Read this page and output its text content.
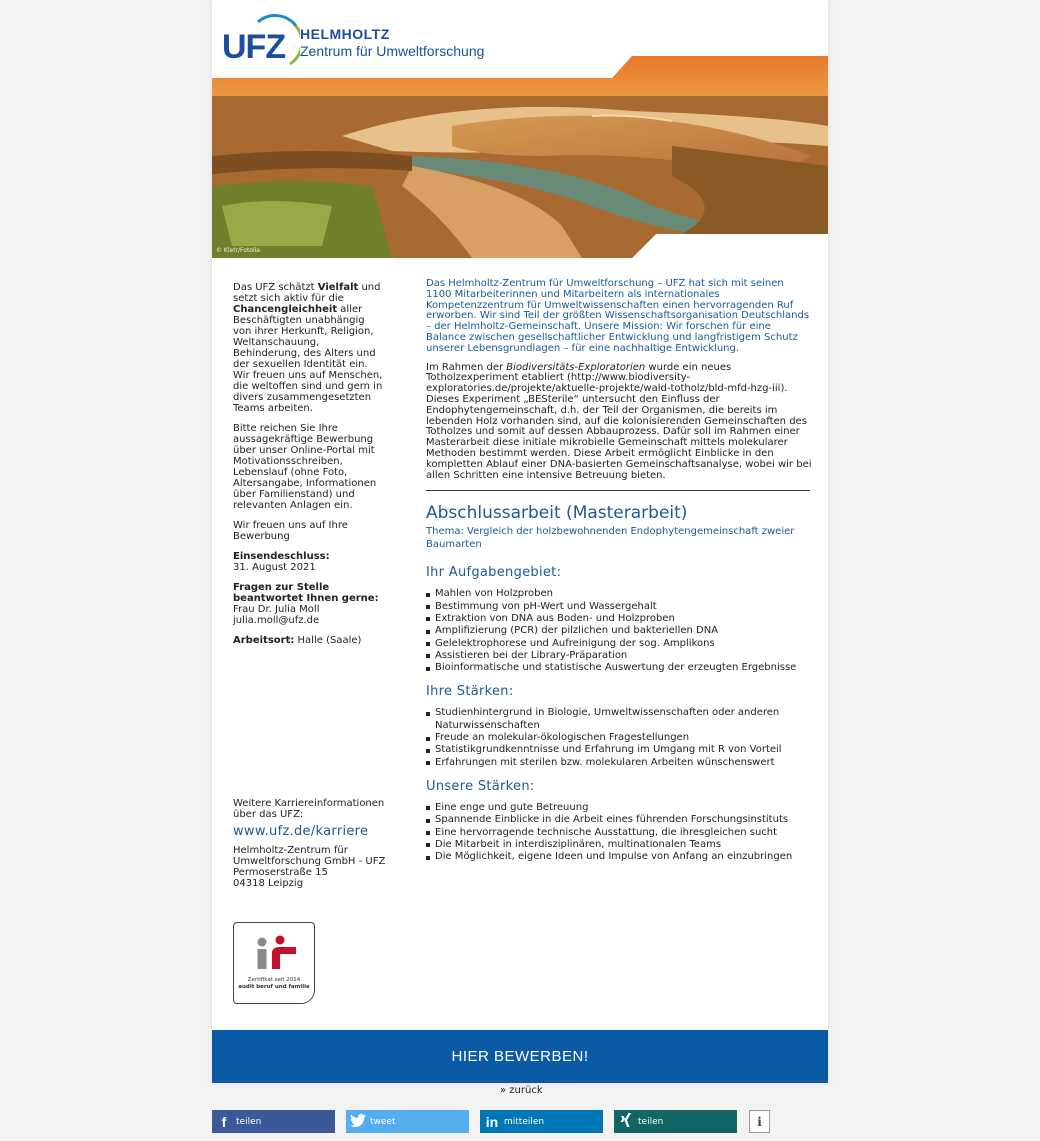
UFZ HELMHOLTZ
Zentrum für Umweltforschung
© Kletr/Fotolia

Das UFZ schätzt Vielfalt und setzt sich aktiv für die Chancengleichheit aller Beschäftigten unabhängig von ihrer Herkunft, Religion, Weltanschauung, Behinderung, des Alters und der sexuellen Identität ein. Wir freuen uns auf Menschen, die weltoffen sind und gern in divers zusammengesetzten Teams arbeiten.

Bitte reichen Sie Ihre aussagekräftige Bewerbung über unser Online-Portal mit Motivationsschreiben, Lebenslauf (ohne Foto, Altersangabe, Informationen über Familienstand) und relevanten Anlagen ein.

Wir freuen uns auf Ihre Bewerbung

Einsendeschluss:
31. August 2021

Fragen zur Stelle beantwortet Ihnen gerne:
Frau Dr. Julia Moll
julia.moll@ufz.de

Arbeitsort: Halle (Saale)

Weitere Karriereinformationen über das UFZ:

www.ufz.de/karriere
Helmholtz-Zentrum für
Umweltforschung GmbH - UFZ
Permoserstraße 15
04318 Leipzig
Zertifikat seit 2014
audit beruf und familie

Das Helmholtz-Zentrum für Umweltforschung – UFZ hat sich mit seinen 1100 Mitarbeiterinnen und Mitarbeitern als internationales Kompetenzzentrum für Umweltwissenschaften einen hervorragenden Ruf erworben. Wir sind Teil der größten Wissenschaftsorganisation Deutschlands – der Helmholtz-Gemeinschaft. Unsere Mission: Wir forschen für eine Balance zwischen gesellschaftlicher Entwicklung und langfristigem Schutz unserer Lebensgrundlagen – für eine nachhaltige Entwicklung.

Im Rahmen der Biodiversitäts-Exploratorien wurde ein neues Totholzexperiment etabliert (http://www.biodiversity-exploratories.de/projekte/aktuelle-projekte/wald-totholz/bld-mfd-hzg-iii). Dieses Experiment „BESterile“ untersucht den Einfluss der Endophytengemeinschaft, d.h. der Teil der Organismen, die bereits im lebenden Holz vorhanden sind, auf die kolonisierenden Gemeinschaften des Totholzes und somit auf dessen Abbauprozess. Dafür soll im Rahmen einer Masterarbeit diese initiale mikrobielle Gemeinschaft mittels molekularer Methoden bestimmt werden. Diese Arbeit ermöglicht Einblicke in den kompletten Ablauf einer DNA-basierten Gemeinschaftsanalyse, wobei wir bei allen Schritten eine intensive Betreuung bieten.

Abschlussarbeit (Masterarbeit)

Thema: Vergleich der holzbewohnenden Endophytengemeinschaft zweier Baumarten

Ihr Aufgabengebiet:
Mahlen von Holzproben
Bestimmung von pH-Wert und Wassergehalt
Extraktion von DNA aus Boden- und Holzproben
Amplifizierung (PCR) der pilzlichen und bakteriellen DNA
Gelelektrophorese und Aufreinigung der sog. Amplikons
Assistieren bei der Library-Präparation
Bioinformatische und statistische Auswertung der erzeugten Ergebnisse
Ihre Stärken:
Studienhintergrund in Biologie, Umweltwissenschaften oder anderen Naturwissenschaften
Freude an molekular-ökologischen Fragestellungen
Statistikgrundkenntnisse und Erfahrung im Umgang mit R von Vorteil
Erfahrungen mit sterilen bzw. molekularen Arbeiten wünschenswert
Unsere Stärken:
Eine enge und gute Betreuung
Spannende Einblicke in die Arbeit eines führenden Forschungsinstituts
Eine hervorragende technische Ausstattung, die ihresgleichen sucht
Die Mitarbeit in interdisziplinären, multinationalen Teams
Die Möglichkeit, eigene Ideen und Impulse von Anfang an einzubringen
HIER BEWERBEN!
» zurück
f	teilen	tweet	in mitteilen	teilen	i
